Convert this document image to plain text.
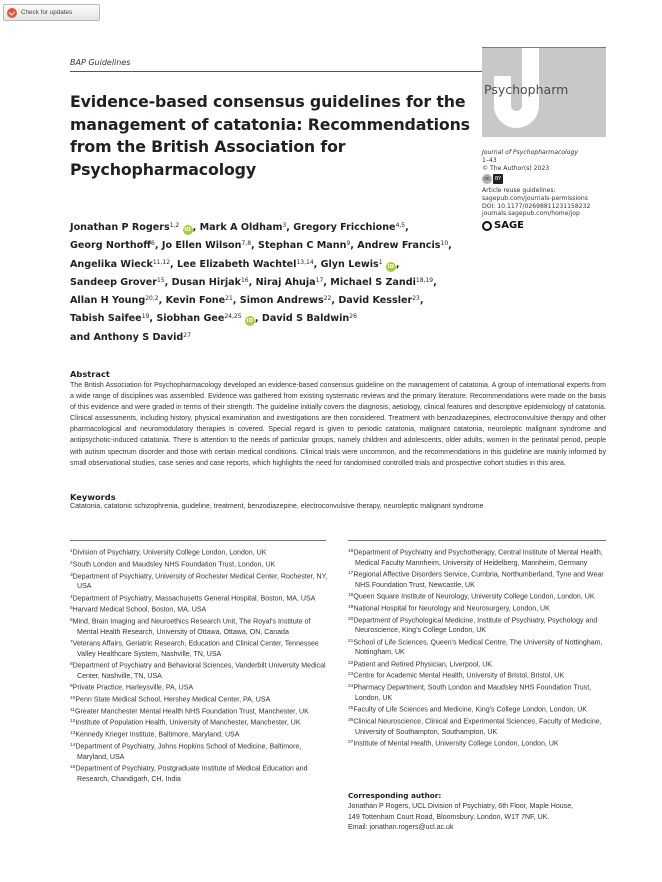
Check for updates
BAP Guidelines
Evidence-based consensus guidelines for the
management of catatonia: Recommendations
from the British Association for
Psychopharmacology
Psychopharm
Journal of Psychopharmacology
1–43
© The Author(s) 2023
cc	BY
Article reuse guidelines:
sagepub.com/journals-permissions
DOI: 10.1177/02698811231158232
journals.sagepub.com/home/jop
SAGE
Jonathan P Rogers$^{1,2}$ iD , Mark A Oldham$^3$, Gregory Fricchione$^{4,5}$,
Georg Northoff$^6$, Jo Ellen Wilson$^{7,8}$, Stephan C Mann$^9$, Andrew Francis$^{10}$,
Angelika Wieck$^{11,12}$, Lee Elizabeth Wachtel$^{13,14}$, Glyn Lewis$^1$ iD ,
Sandeep Grover$^{15}$, Dusan Hirjak$^{16}$, Niraj Ahuja$^{17}$, Michael S Zandi$^{18,19}$,
Allan H Young$^{20,2}$, Kevin Fone$^{21}$, Simon Andrews$^{22}$, David Kessler$^{23}$,
Tabish Saifee$^{19}$, Siobhan Gee$^{24,25}$ iD , David S Baldwin$^{26}$
and Anthony S David$^{27}$
Abstract
The British Association for Psychopharmacology developed an evidence-based consensus guideline on the management of catatonia. A group of international experts from a wide range of disciplines was assembled. Evidence was gathered from existing systematic reviews and the primary literature. Recommendations were made on the basis of this evidence and were graded in terms of their strength. The guideline initially covers the diagnosis, aetiology, clinical features and descriptive epidemiology of catatonia. Clinical assessments, including history, physical examination and investigations are then considered. Treatment with benzodiazepines, electroconvulsive therapy and other pharmacological and neuromodulatory therapies is covered. Special regard is given to periodic catatonia, malignant catatonia, neuroleptic malignant syndrome and antipsychotic-induced catatonia. There is attention to the needs of particular groups, namely children and adolescents, older adults, women in the perinatal period, people with autism spectrum disorder and those with certain medical conditions. Clinical trials were uncommon, and the recommendations in this guideline are mainly informed by small observational studies, case series and case reports, which highlights the need for randomised controlled trials and prospective cohort studies in this area.
Keywords
Catatonia, catatonic schizophrenia, guideline, treatment, benzodiazepine, electroconvulsive therapy, neuroleptic malignant syndrome
$^1$Division of Psychiatry, University College London, London, UK
$^2$South London and Maudsley NHS Foundation Trust, London, UK
$^3$Department of Psychiatry, University of Rochester Medical Center, Rochester, NY, USA
$^4$Department of Psychiatry, Massachusetts General Hospital, Boston, MA, USA
$^5$Harvard Medical School, Boston, MA, USA
$^6$Mind, Brain Imaging and Neuroethics Research Unit, The Royal's Institute of Mental Health Research, University of Ottawa, Ottawa, ON, Canada
$^7$Veterans Affairs, Geriatric Research, Education and Clinical Center, Tennessee Valley Healthcare System, Nashville, TN, USA
$^8$Department of Psychiatry and Behavioral Sciences, Vanderbilt University Medical Center, Nashville, TN, USA
$^9$Private Practice, Harleysville, PA, USA
$^{10}$Penn State Medical School, Hershey Medical Center, PA, USA
$^{11}$Greater Manchester Mental Health NHS Foundation Trust, Manchester, UK
$^{12}$Institute of Population Health, University of Manchester, Manchester, UK
$^{13}$Kennedy Krieger Institute, Baltimore, Maryland, USA
$^{14}$Department of Psychiatry, Johns Hopkins School of Medicine, Baltimore, Maryland, USA
$^{15}$Department of Psychiatry, Postgraduate Institute of Medical Education and Research, Chandigarh, CH, India
$^{16}$Department of Psychiatry and Psychotherapy, Central Institute of Mental Health, Medical Faculty Mannheim, University of Heidelberg, Mannheim, Germany
$^{17}$Regional Affective Disorders Service, Cumbria, Northumberland, Tyne and Wear NHS Foundation Trust, Newcastle, UK
$^{18}$Queen Square Institute of Neurology, University College London, London, UK
$^{19}$National Hospital for Neurology and Neurosurgery, London, UK
$^{20}$Department of Psychological Medicine, Institute of Psychiatry, Psychology and Neuroscience, King's College London, UK
$^{21}$School of Life Sciences, Queen's Medical Centre, The University of Nottingham, Nottingham, UK
$^{22}$Patient and Retired Physician, Liverpool, UK
$^{23}$Centre for Academic Mental Health, University of Bristol, Bristol, UK
$^{24}$Pharmacy Department, South London and Maudsley NHS Foundation Trust, London, UK
$^{25}$Faculty of Life Sciences and Medicine, King's College London, London, UK
$^{26}$Clinical Neuroscience, Clinical and Experimental Sciences, Faculty of Medicine, University of Southampton, Southampton, UK
$^{27}$Institute of Mental Health, University College London, London, UK
Corresponding author:
Jonathan P Rogers, UCL Division of Psychiatry, 6th Floor, Maple House,
149 Tottenham Court Road, Bloomsbury, London, W1T 7NF, UK.
Email: jonathan.rogers@ucl.ac.uk
